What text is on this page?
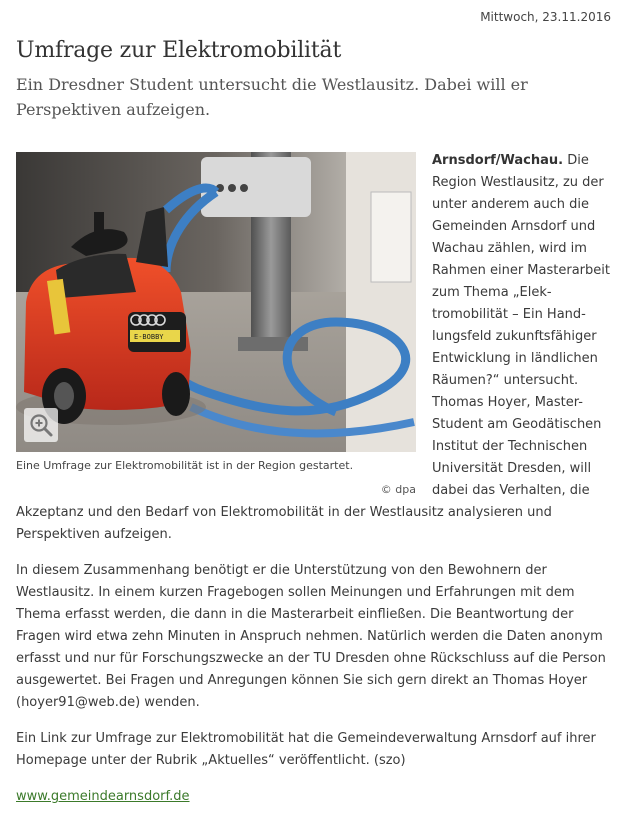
Mittwoch, 23.11.2016
Umfrage zur Elektromobilität

Ein Dresdner Student untersucht die Westlausitz. Dabei will er Perspektiven aufzeigen.

E-BOBBY
Eine Umfrage zur Elektromobilität ist in der Region gestartet.
© dpa

Arnsdorf/Wachau. Die Region Westlausitz, zu der unter anderem auch die Gemeinden Arnsdorf und Wachau zählen, wird im Rahmen einer Masterarbeit zum Thema „Elektromobilität – Ein Handlungsfeld zukunftsfähiger Entwicklung in ländlichen Räumen?“ untersucht. Thomas Hoyer, Master-Student am Geodätischen Institut der Technischen Universität Dresden, will dabei das Verhalten, die Akzeptanz und den Bedarf von Elektromobilität in der Westlausitz analysieren und Perspektiven aufzeigen.

In diesem Zusammenhang benötigt er die Unterstützung von den Bewohnern der Westlausitz. In einem kurzen Fragebogen sollen Meinungen und Erfahrungen mit dem Thema erfasst werden, die dann in die Masterarbeit einfließen. Die Beantwortung der Fragen wird etwa zehn Minuten in Anspruch nehmen. Natürlich werden die Daten anonym erfasst und nur für Forschungszwecke an der TU Dresden ohne Rückschluss auf die Person ausgewertet. Bei Fragen und Anregungen können Sie sich gern direkt an Thomas Hoyer (hoyer91@web.de) wenden.

Ein Link zur Umfrage zur Elektromobilität hat die Gemeindeverwaltung Arnsdorf auf ihrer Homepage unter der Rubrik „Aktuelles“ veröffentlicht. (szo)

www.gemeindearnsdorf.de
